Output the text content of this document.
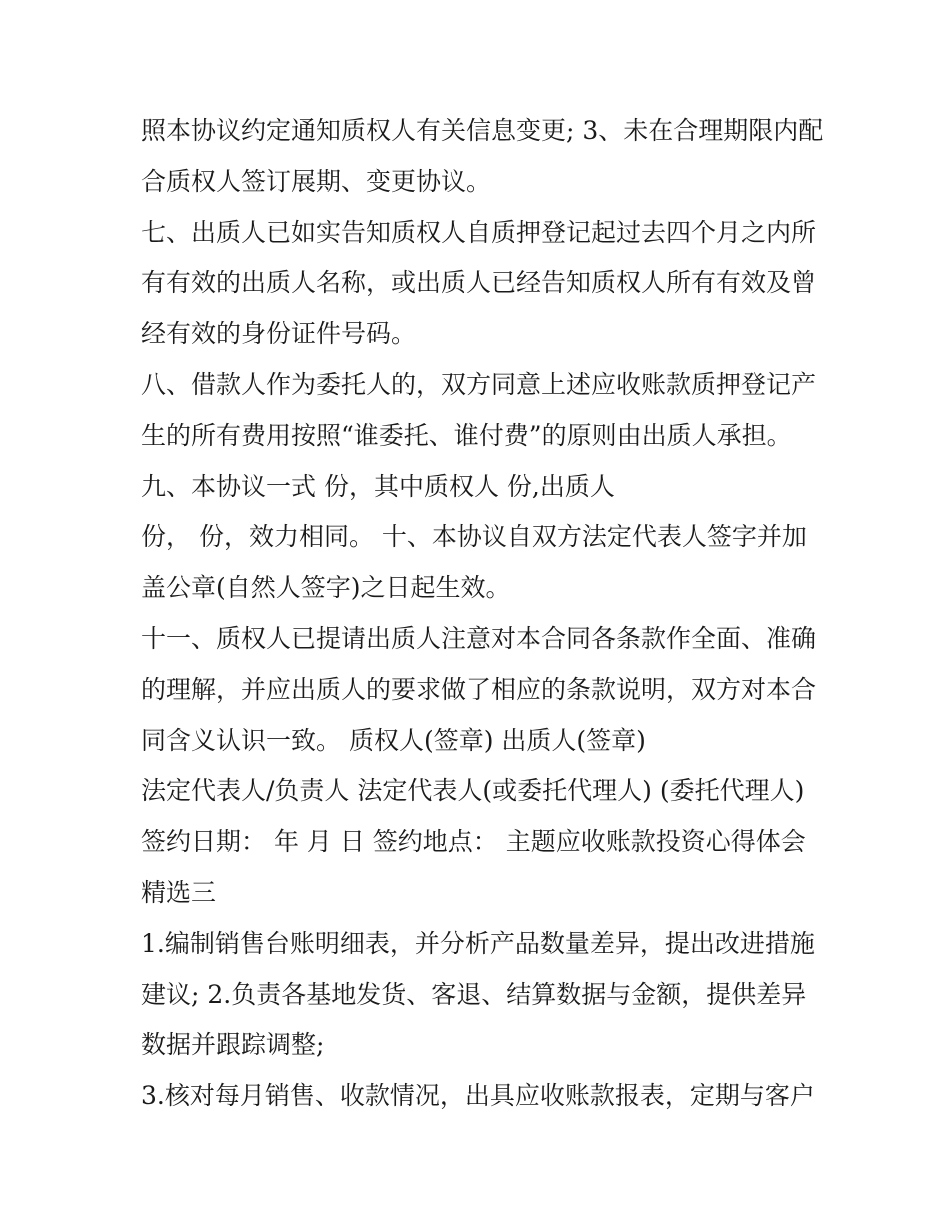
照本协议约定通知质权人有关信息变更; 3、未在合理期限内配
合质权人签订展期、变更协议。
七、出质人已如实告知质权人自质押登记起过去四个月之内所
有有效的出质人名称，或出质人已经告知质权人所有有效及曾
经有效的身份证件号码。
八、借款人作为委托人的，双方同意上述应收账款质押登记产
生的所有费用按照“谁委托、谁付费”的原则由出质人承担。
九、本协议一式 份，其中质权人 份,出质人
份， 份，效力相同。 十、本协议自双方法定代表人签字并加
盖公章(自然人签字)之日起生效。
十一、质权人已提请出质人注意对本合同各条款作全面、准确
的理解，并应出质人的要求做了相应的条款说明，双方对本合
同含义认识一致。 质权人(签章) 出质人(签章)
法定代表人/负责人 法定代表人(或委托代理人) (委托代理人)
签约日期： 年 月 日 签约地点： 主题应收账款投资心得体会
精选三
1.编制销售台账明细表，并分析产品数量差异，提出改进措施
建议; 2.负责各基地发货、客退、结算数据与金额，提供差异
数据并跟踪调整;
3.核对每月销售、收款情况，出具应收账款报表，定期与客户
